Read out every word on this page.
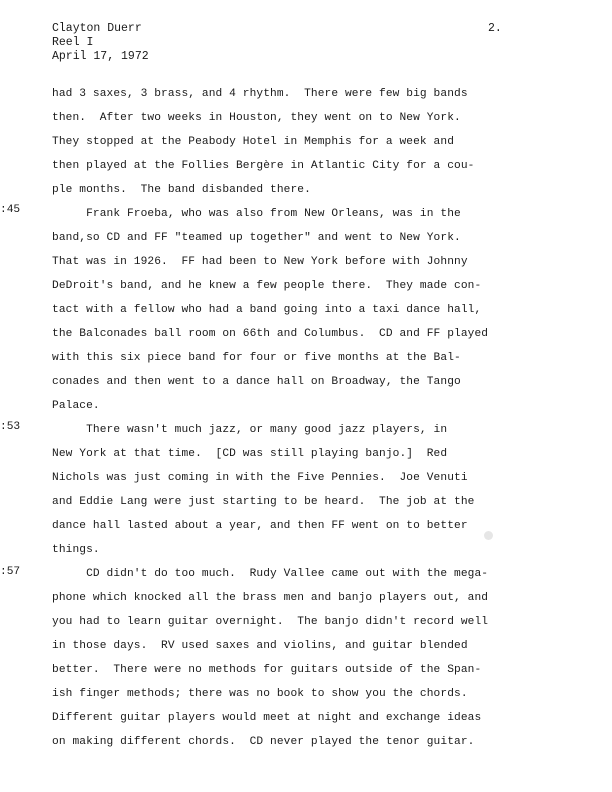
Clayton Duerr
Reel I
April 17, 1972
2.
:45
:53
:57
had 3 saxes, 3 brass, and 4 rhythm.  There were few big bands
then.  After two weeks in Houston, they went on to New York.
They stopped at the Peabody Hotel in Memphis for a week and
then played at the Follies Bergère in Atlantic City for a cou-
ple months.  The band disbanded there.
Frank Froeba, who was also from New Orleans, was in the
band,so CD and FF "teamed up together" and went to New York.
That was in 1926.  FF had been to New York before with Johnny
DeDroit's band, and he knew a few people there.  They made con-
tact with a fellow who had a band going into a taxi dance hall,
the Balconades ball room on 66th and Columbus.  CD and FF played
with this six piece band for four or five months at the Bal-
conades and then went to a dance hall on Broadway, the Tango
Palace.
There wasn't much jazz, or many good jazz players, in
New York at that time.  [CD was still playing banjo.]  Red
Nichols was just coming in with the Five Pennies.  Joe Venuti
and Eddie Lang were just starting to be heard.  The job at the
dance hall lasted about a year, and then FF went on to better
things.
CD didn't do too much.  Rudy Vallee came out with the mega-
phone which knocked all the brass men and banjo players out, and
you had to learn guitar overnight.  The banjo didn't record well
in those days.  RV used saxes and violins, and guitar blended
better.  There were no methods for guitars outside of the Span-
ish finger methods; there was no book to show you the chords.
Different guitar players would meet at night and exchange ideas
on making different chords.  CD never played the tenor guitar.
